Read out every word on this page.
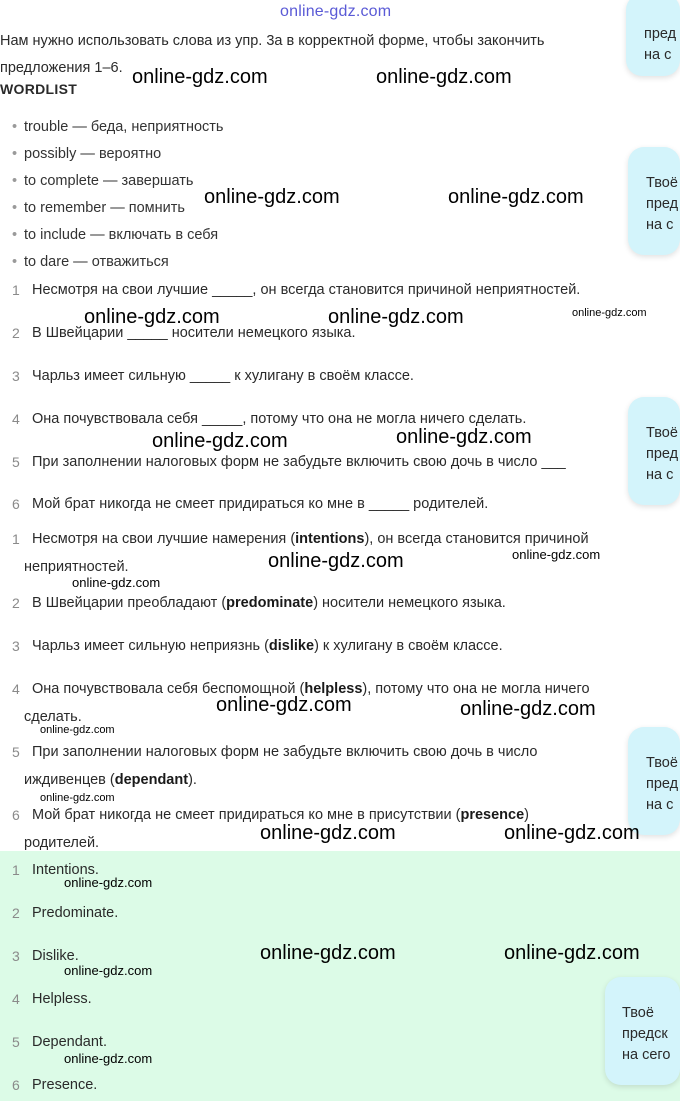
online-gdz.com
Нам нужно использовать слова из упр. 3а в корректной форме, чтобы закончить предложения 1–6.
WORDLIST
• trouble — беда, неприятность
• possibly — вероятно
• to complete — завершать
• to remember — помнить
• to include — включать в себя
• to dare — отважиться
1 Несмотря на свои лучшие _____, он всегда становится причиной неприятностей.
2 В Швейцарии _____ носители немецкого языка.
3 Чарльз имеет сильную _____ к хулигану в своём классе.
4 Она почувствовала себя _____, потому что она не могла ничего сделать.
5 При заполнении налоговых форм не забудьте включить свою дочь в число ___
6 Мой брат никогда не смеет придираться ко мне в _____ родителей.
1 Несмотря на свои лучшие намерения (intentions), он всегда становится причиной
неприятностей.
2 В Швейцарии преобладают (predominate) носители немецкого языка.
3 Чарльз имеет сильную неприязнь (dislike) к хулигану в своём классе.
4 Она почувствовала себя беспомощной (helpless), потому что она не могла ничего
сделать.
5 При заполнении налоговых форм не забудьте включить свою дочь в число
иждивенцев (dependant).
6 Мой брат никогда не смеет придираться ко мне в присутствии (presence)
родителей.
1 Intentions.
2 Predominate.
3 Dislike.
4 Helpless.
5 Dependant.
6 Presence.
пред
на с
Твоё
пред
на с
Твоё
пред
на с
Твоё
пред
на с
Твоё
предск
на сего
online-gdz.com	online-gdz.com
online-gdz.com	online-gdz.com
online-gdz.com	online-gdz.com	online-gdz.com
online-gdz.com	online-gdz.com
online-gdz.com
online-gdz.com
online-gdz.com
online-gdz.com	online-gdz.com
online-gdz.com
online-gdz.com
online-gdz.com	online-gdz.com
online-gdz.com
online-gdz.com	online-gdz.com
online-gdz.com
online-gdz.com
